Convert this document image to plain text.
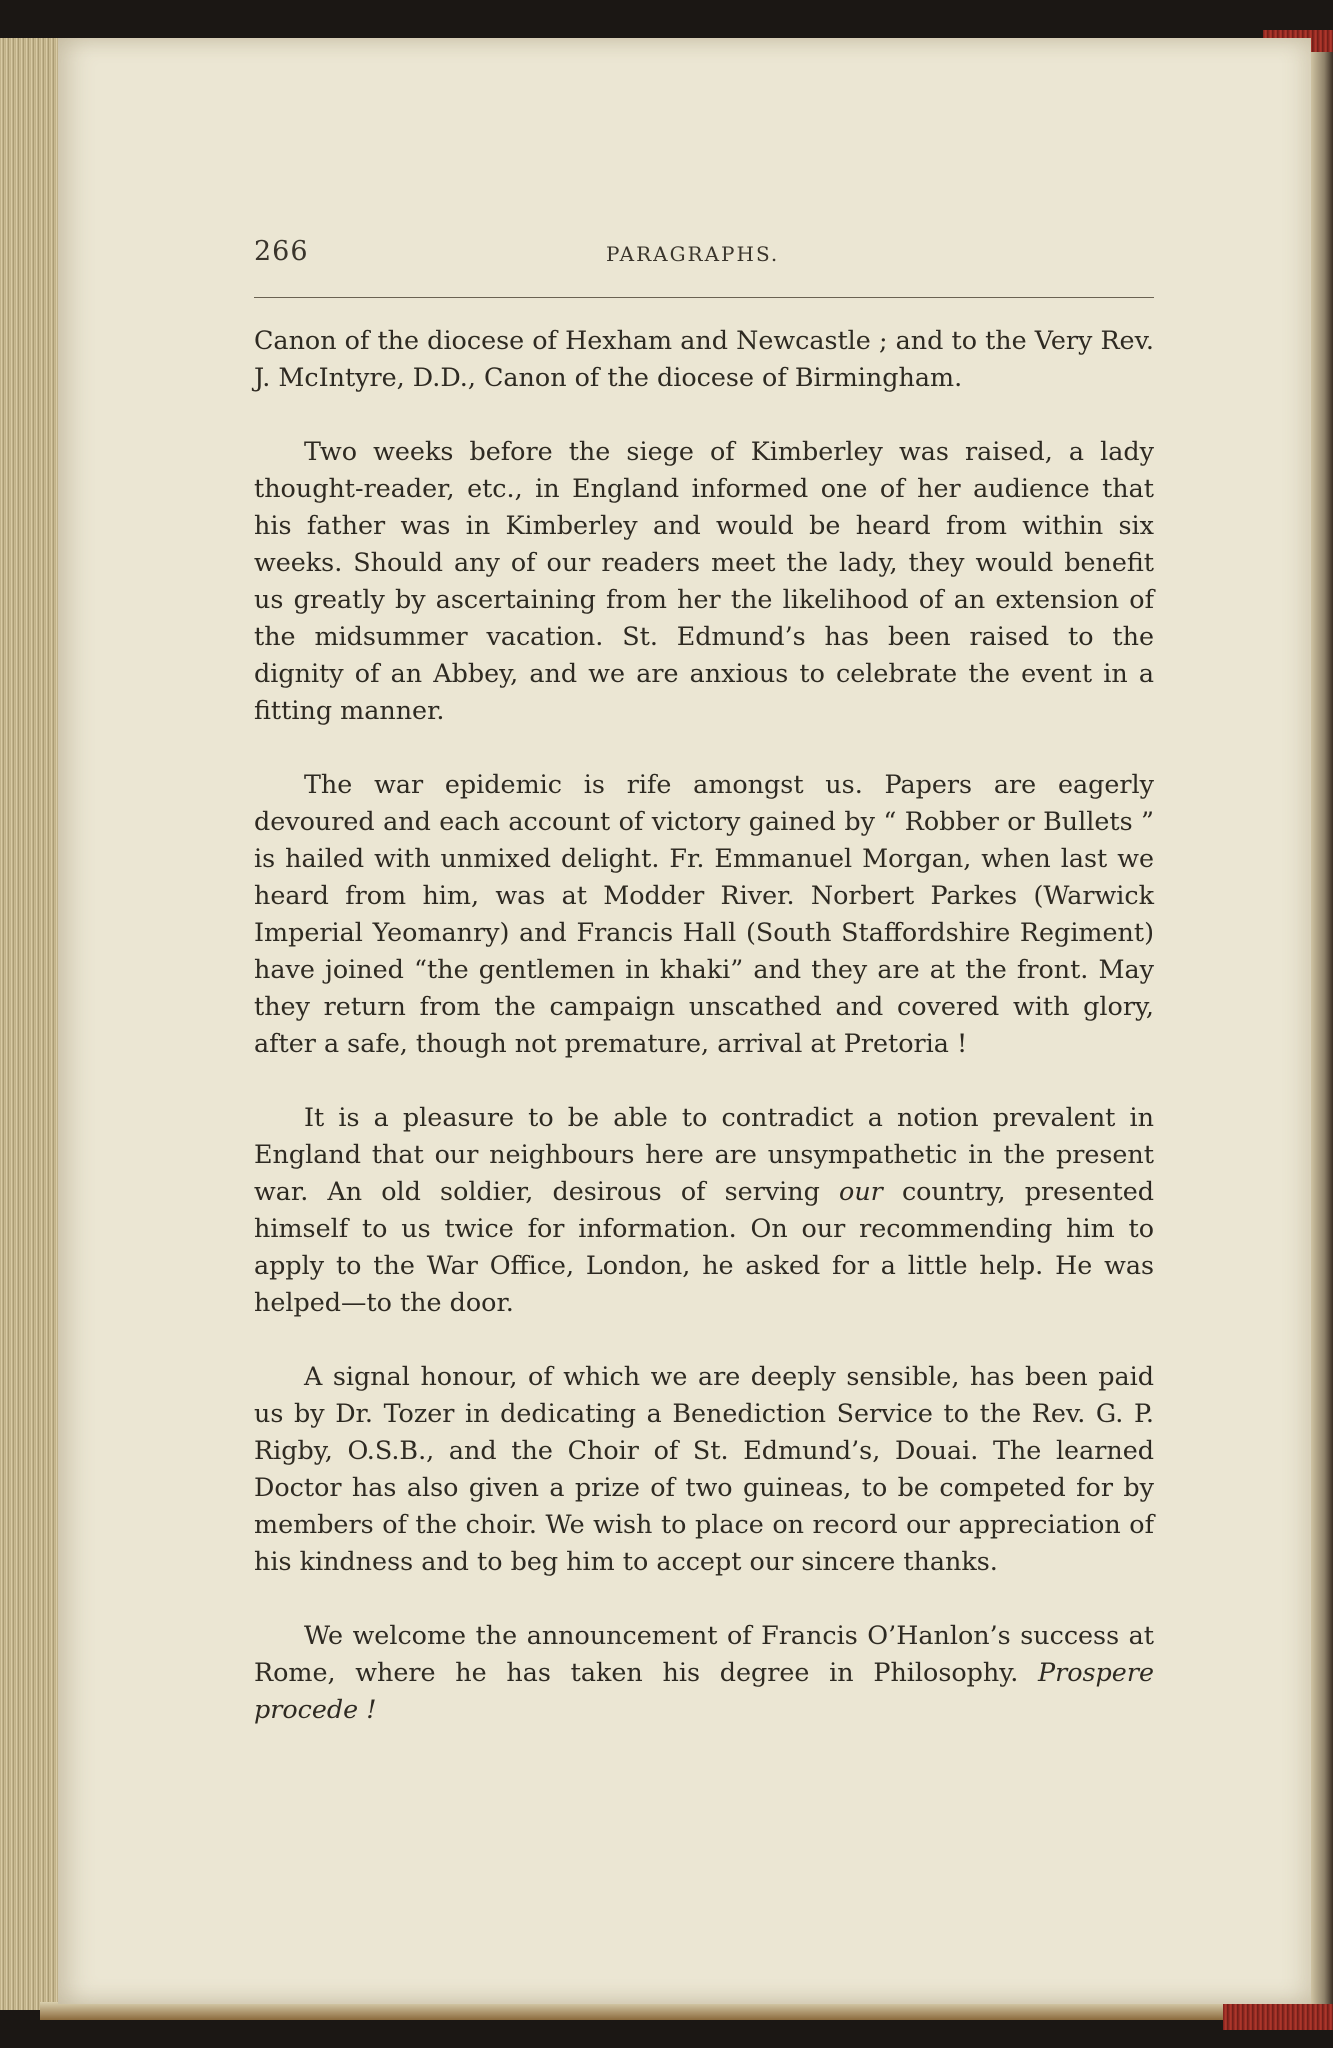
266	PARAGRAPHS.

Canon of the diocese of Hexham and Newcastle ; and to the Very Rev. J. McIntyre, D.D., Canon of the diocese of Birmingham.

Two weeks before the siege of Kimberley was raised, a lady thought-reader, etc., in England informed one of her audience that his father was in Kimberley and would be heard from within six weeks. Should any of our readers meet the lady, they would benefit us greatly by ascertaining from her the likelihood of an extension of the midsummer vacation. St. Edmund’s has been raised to the dignity of an Abbey, and we are anxious to celebrate the event in a fitting manner.

The war epidemic is rife amongst us. Papers are eagerly devoured and each account of victory gained by “ Robber or Bullets ” is hailed with unmixed delight. Fr. Emmanuel Morgan, when last we heard from him, was at Modder River. Norbert Parkes (Warwick Imperial Yeomanry) and Francis Hall (South Staffordshire Regiment) have joined “the gentlemen in khaki” and they are at the front. May they return from the campaign unscathed and covered with glory, after a safe, though not premature, arrival at Pretoria !

It is a pleasure to be able to contradict a notion prevalent in England that our neighbours here are unsympathetic in the present war. An old soldier, desirous of serving our country, presented himself to us twice for information. On our recommending him to apply to the War Office, London, he asked for a little help. He was helped—to the door.

A signal honour, of which we are deeply sensible, has been paid us by Dr. Tozer in dedicating a Benediction Service to the Rev. G. P. Rigby, O.S.B., and the Choir of St. Edmund’s, Douai. The learned Doctor has also given a prize of two guineas, to be competed for by members of the choir. We wish to place on record our appreciation of his kindness and to beg him to accept our sincere thanks.

We welcome the announcement of Francis O’Hanlon’s success at Rome, where he has taken his degree in Philosophy. Prospere procede !
